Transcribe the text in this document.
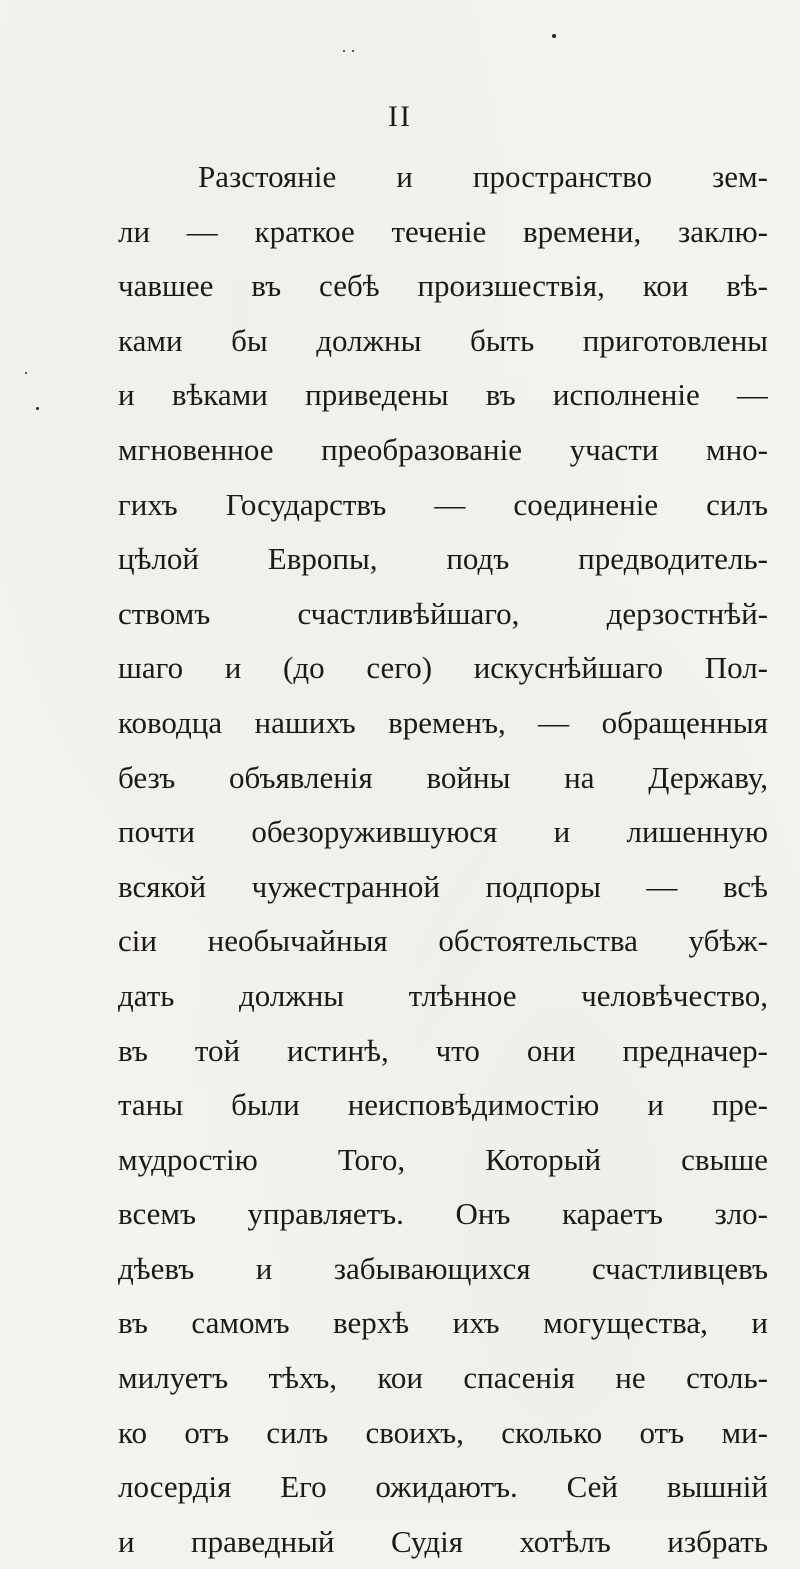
II
Разстояніе и пространство зем-
ли — краткое теченіе времени, заклю-
чавшее въ себѣ произшествія, кои вѣ-
ками бы должны быть приготовлены
и вѣками приведены въ исполненіе —
мгновенное преобразованіе участи мно-
гихъ Государствъ — соединеніе силъ
цѣлой Европы, подъ предводитель-
ствомъ счастливѣйшаго, дерзостнѣй-
шаго и (до сего) искуснѣйшаго Пол-
ководца нашихъ временъ, — обращенныя
безъ объявленія войны на Державу,
почти обезоружившуюся и лишенную
всякой чужестранной подпоры — всѣ
сіи необычайныя обстоятельства убѣж-
дать должны тлѣнное человѣчество,
въ той истинѣ, что они предначер-
таны были неисповѣдимостію и пре-
мудростію Того, Который свыше
всемъ управляетъ. Онъ караетъ зло-
дѣевъ и забывающихся счастливцевъ
въ самомъ верхѣ ихъ могущества, и
милуетъ тѣхъ, кои спасенія не столь-
ко отъ силъ своихъ, сколько отъ ми-
лосердія Его ожидаютъ. Сей вышній
и праведный Судія хотѣлъ избрать
